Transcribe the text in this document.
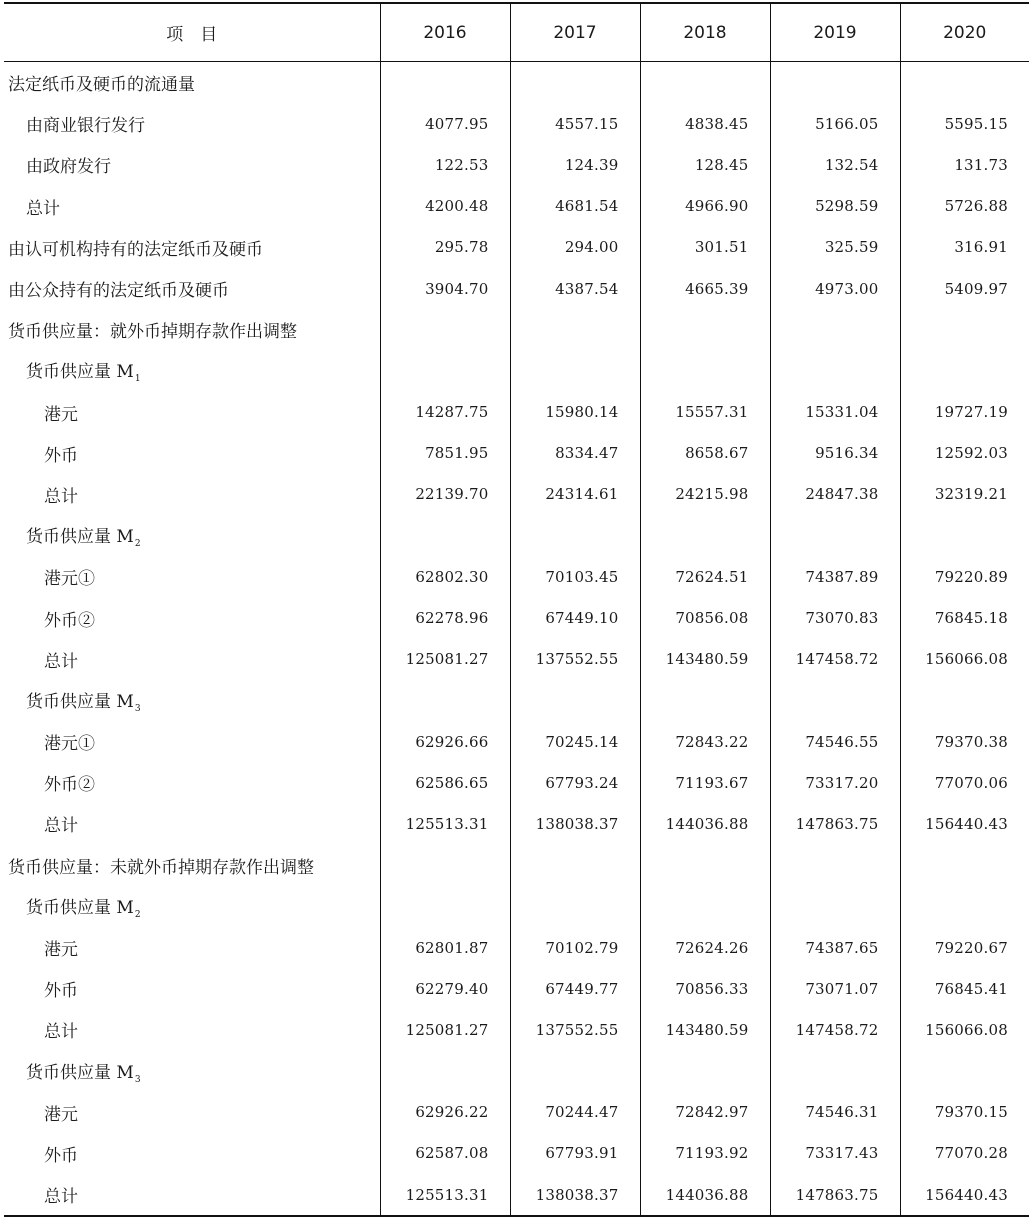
项　目	2016	2017	2018	2019	2020
法定纸币及硬币的流通量					
由商业银行发行	4077.95	4557.15	4838.45	5166.05	5595.15
由政府发行	122.53	124.39	128.45	132.54	131.73
总计	4200.48	4681.54	4966.90	5298.59	5726.88
由认可机构持有的法定纸币及硬币	295.78	294.00	301.51	325.59	316.91
由公众持有的法定纸币及硬币	3904.70	4387.54	4665.39	4973.00	5409.97
货币供应量：就外币掉期存款作出调整					
货币供应量 $M_1$					
港元	14287.75	15980.14	15557.31	15331.04	19727.19
外币	7851.95	8334.47	8658.67	9516.34	12592.03
总计	22139.70	24314.61	24215.98	24847.38	32319.21
货币供应量 $M_2$					
港元①	62802.30	70103.45	72624.51	74387.89	79220.89
外币②	62278.96	67449.10	70856.08	73070.83	76845.18
总计	125081.27	137552.55	143480.59	147458.72	156066.08
货币供应量 $M_3$					
港元①	62926.66	70245.14	72843.22	74546.55	79370.38
外币②	62586.65	67793.24	71193.67	73317.20	77070.06
总计	125513.31	138038.37	144036.88	147863.75	156440.43
货币供应量：未就外币掉期存款作出调整					
货币供应量 $M_2$					
港元	62801.87	70102.79	72624.26	74387.65	79220.67
外币	62279.40	67449.77	70856.33	73071.07	76845.41
总计	125081.27	137552.55	143480.59	147458.72	156066.08
货币供应量 $M_3$					
港元	62926.22	70244.47	72842.97	74546.31	79370.15
外币	62587.08	67793.91	71193.92	73317.43	77070.28
总计	125513.31	138038.37	144036.88	147863.75	156440.43
